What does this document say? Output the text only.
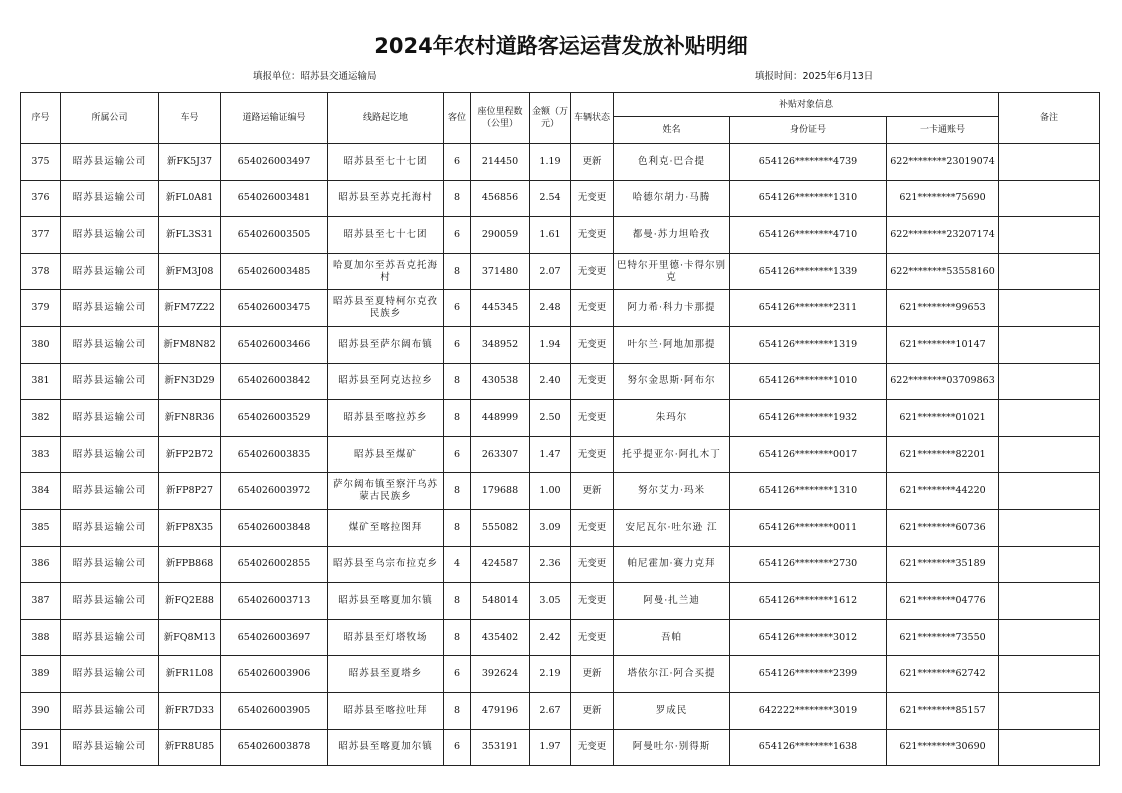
2024年农村道路客运运营发放补贴明细
填报单位：昭苏县交通运输局	填报时间：2025年6月13日
序号	所属公司	车号	道路运输证编号	线路起讫地	客位	座位里程数（公里）	金额（万元）	车辆状态	补贴对象信息			备注
									姓名	身份证号	一卡通账号	
375	昭苏县运输公司	新FK5J37	654026003497	昭苏县至七十七团	6	214450	1.19	更新	色利克·巴合提	654126********4739	622********23019074	
376	昭苏县运输公司	新FL0A81	654026003481	昭苏县至苏克托海村	8	456856	2.54	无变更	哈德尔胡力·马腾	654126********1310	621********75690	
377	昭苏县运输公司	新FL3S31	654026003505	昭苏县至七十七团	6	290059	1.61	无变更	都曼·苏力坦哈孜	654126********4710	622********23207174	
378	昭苏县运输公司	新FM3J08	654026003485	哈夏加尔至苏吾克托海村	8	371480	2.07	无变更	巴特尔开里德·卡得尔别克	654126********1339	622********53558160	
379	昭苏县运输公司	新FM7Z22	654026003475	昭苏县至夏特柯尔克孜民族乡	6	445345	2.48	无变更	阿力希·科力卡那提	654126********2311	621********99653	
380	昭苏县运输公司	新FM8N82	654026003466	昭苏县至萨尔阔布镇	6	348952	1.94	无变更	叶尔兰·阿地加那提	654126********1319	621********10147	
381	昭苏县运输公司	新FN3D29	654026003842	昭苏县至阿克达拉乡	8	430538	2.40	无变更	努尔金思斯·阿布尔	654126********1010	622********03709863	
382	昭苏县运输公司	新FN8R36	654026003529	昭苏县至喀拉苏乡	8	448999	2.50	无变更	朱玛尔	654126********1932	621********01021	
383	昭苏县运输公司	新FP2B72	654026003835	昭苏县至煤矿	6	263307	1.47	无变更	托乎提亚尔·阿扎木丁	654126********0017	621********82201	
384	昭苏县运输公司	新FP8P27	654026003972	萨尔阔布镇至察汗乌苏蒙古民族乡	8	179688	1.00	更新	努尔艾力·玛米	654126********1310	621********44220	
385	昭苏县运输公司	新FP8X35	654026003848	煤矿至喀拉图拜	8	555082	3.09	无变更	安尼瓦尔·吐尔逊 江	654126********0011	621********60736	
386	昭苏县运输公司	新FPB868	654026002855	昭苏县至乌宗布拉克乡	4	424587	2.36	无变更	帕尼霍加·赛力克拜	654126********2730	621********35189	
387	昭苏县运输公司	新FQ2E88	654026003713	昭苏县至喀夏加尔镇	8	548014	3.05	无变更	阿曼·扎兰迪	654126********1612	621********04776	
388	昭苏县运输公司	新FQ8M13	654026003697	昭苏县至灯塔牧场	8	435402	2.42	无变更	吾帕	654126********3012	621********73550	
389	昭苏县运输公司	新FR1L08	654026003906	昭苏县至夏塔乡	6	392624	2.19	更新	塔依尔江·阿合买提	654126********2399	621********62742	
390	昭苏县运输公司	新FR7D33	654026003905	昭苏县至喀拉吐拜	8	479196	2.67	更新	罗成民	642222********3019	621********85157	
391	昭苏县运输公司	新FR8U85	654026003878	昭苏县至喀夏加尔镇	6	353191	1.97	无变更	阿曼吐尔·别得斯	654126********1638	621********30690	
